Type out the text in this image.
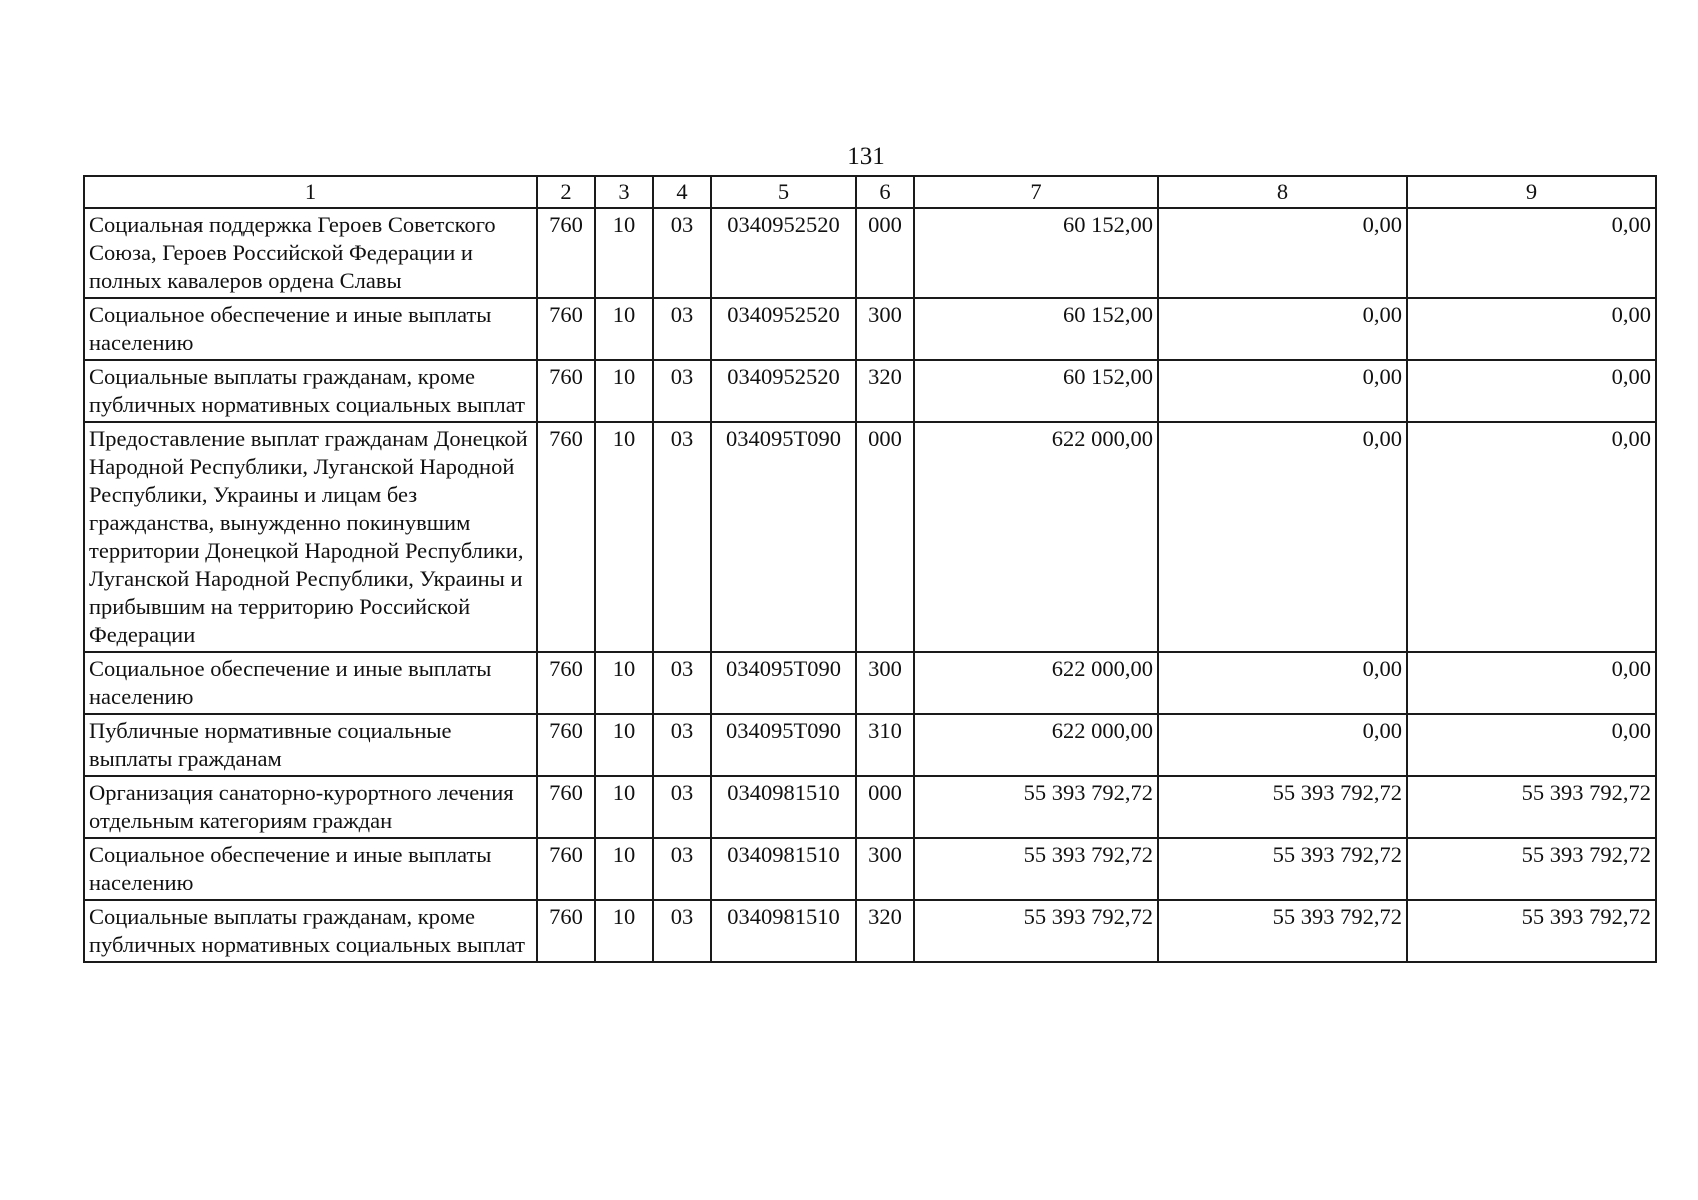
131
1	2	3	4	5	6	7	8	9
Социальная поддержка Героев Советского Союза, Героев Российской Федерации и полных кавалеров ордена Славы	760	10	03	0340952520	000	60 152,00	0,00	0,00
Социальное обеспечение и иные выплаты населению	760	10	03	0340952520	300	60 152,00	0,00	0,00
Социальные выплаты гражданам, кроме публичных нормативных социальных выплат	760	10	03	0340952520	320	60 152,00	0,00	0,00
Предоставление выплат гражданам Донецкой Народной Республики, Луганской Народной Республики, Украины и лицам без гражданства, вынужденно покинувшим территории Донецкой Народной Республики, Луганской Народной Республики, Украины и прибывшим на территорию Российской Федерации	760	10	03	034095T090	000	622 000,00	0,00	0,00
Социальное обеспечение и иные выплаты населению	760	10	03	034095T090	300	622 000,00	0,00	0,00
Публичные нормативные социальные выплаты гражданам	760	10	03	034095T090	310	622 000,00	0,00	0,00
Организация санаторно-курортного лечения отдельным категориям граждан	760	10	03	0340981510	000	55 393 792,72	55 393 792,72	55 393 792,72
Социальное обеспечение и иные выплаты населению	760	10	03	0340981510	300	55 393 792,72	55 393 792,72	55 393 792,72
Социальные выплаты гражданам, кроме публичных нормативных социальных выплат	760	10	03	0340981510	320	55 393 792,72	55 393 792,72	55 393 792,72
